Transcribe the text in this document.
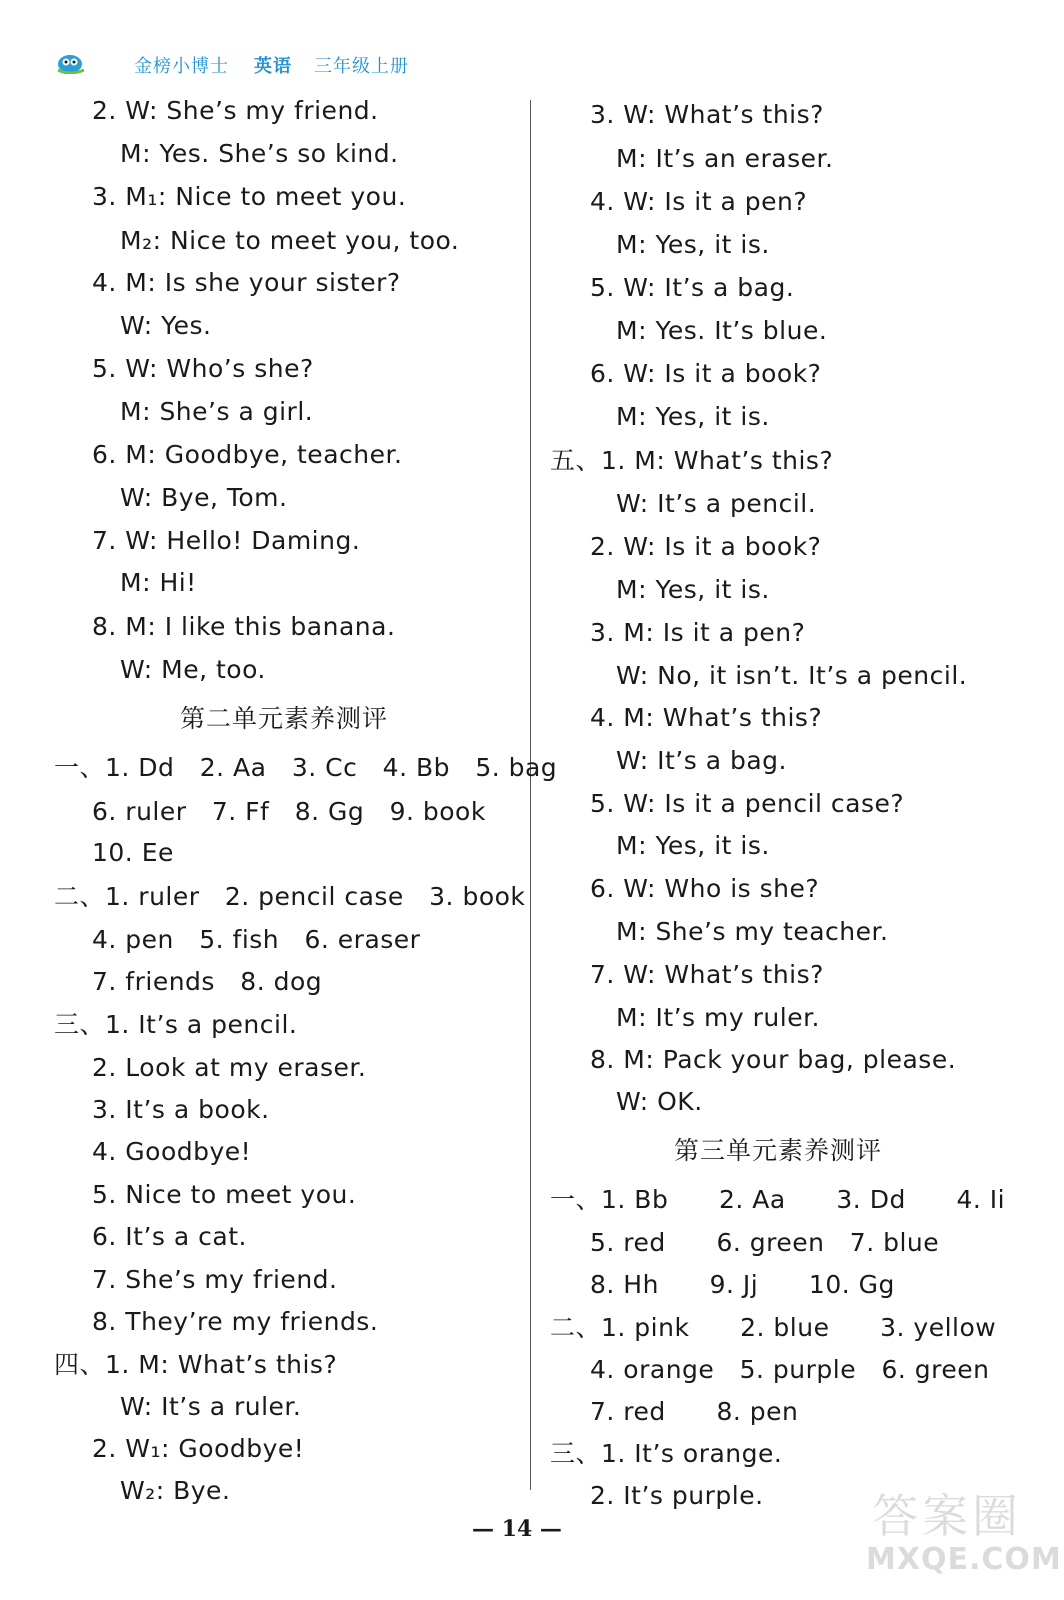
金榜小博士 英语 三年级上册
2. W: She’s my friend.
M: Yes. She’s so kind.
3. M₁: Nice to meet you.
M₂: Nice to meet you, too.
4. M: Is she your sister?
W: Yes.
5. W: Who’s she?
M: She’s a girl.
6. M: Goodbye, teacher.
W: Bye, Tom.
7. W: Hello! Daming.
M: Hi!
8. M: I like this banana.
W: Me, too.
第二单元素养测评
一、1. Dd   2. Aa   3. Cc   4. Bb   5. bag
6. ruler   7. Ff   8. Gg   9. book
10. Ee
二、1. ruler   2. pencil case   3. book
4. pen   5. fish   6. eraser
7. friends   8. dog
三、1. It’s a pencil.
2. Look at my eraser.
3. It’s a book.
4. Goodbye!
5. Nice to meet you.
6. It’s a cat.
7. She’s my friend.
8. They’re my friends.
四、1. M: What’s this?
W: It’s a ruler.
2. W₁: Goodbye!
W₂: Bye.
3. W: What’s this?
M: It’s an eraser.
4. W: Is it a pen?
M: Yes, it is.
5. W: It’s a bag.
M: Yes. It’s blue.
6. W: Is it a book?
M: Yes, it is.
五、1. M: What’s this?
W: It’s a pencil.
2. W: Is it a book?
M: Yes, it is.
3. M: Is it a pen?
W: No, it isn’t. It’s a pencil.
4. M: What’s this?
W: It’s a bag.
5. W: Is it a pencil case?
M: Yes, it is.
6. W: Who is she?
M: She’s my teacher.
7. W: What’s this?
M: It’s my ruler.
8. M: Pack your bag, please.
W: OK.
第三单元素养测评
一、1. Bb      2. Aa      3. Dd      4. Ii
5. red      6. green   7. blue
8. Hh      9. Jj      10. Gg
二、1. pink      2. blue      3. yellow
4. orange   5. purple   6. green
7. red      8. pen
三、1. It’s orange.
2. It’s purple.
— 14 —	答案圈
MXQE.COM
